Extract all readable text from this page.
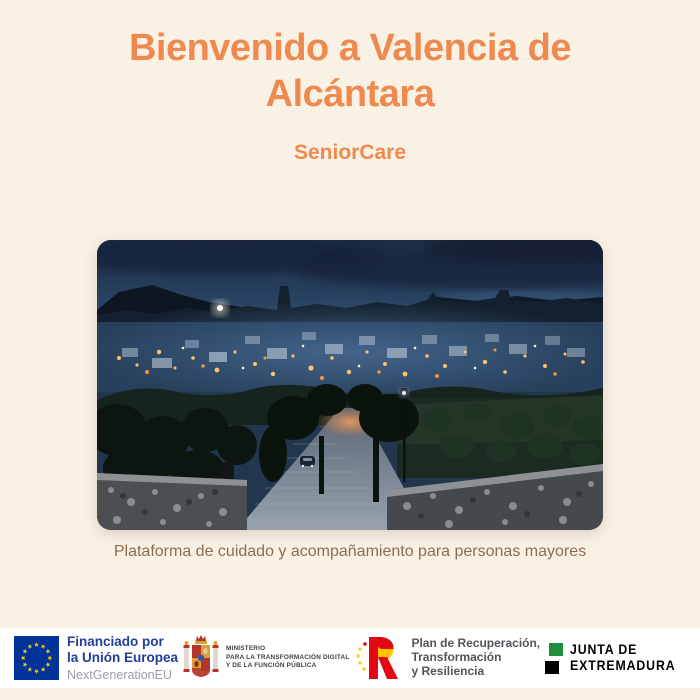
Bienvenido a Valencia de Alcántara
SeniorCare
Plataforma de cuidado y acompañamiento para personas mayores
Financiado por
la Unión Europea
NextGenerationEU
MINISTERIO
PARA LA TRANSFORMACIÓN DIGITAL
Y DE LA FUNCIÓN PÚBLICA
Plan de Recuperación,
Transformación
y Resiliencia
JUNTA DE
EXTREMADURA
